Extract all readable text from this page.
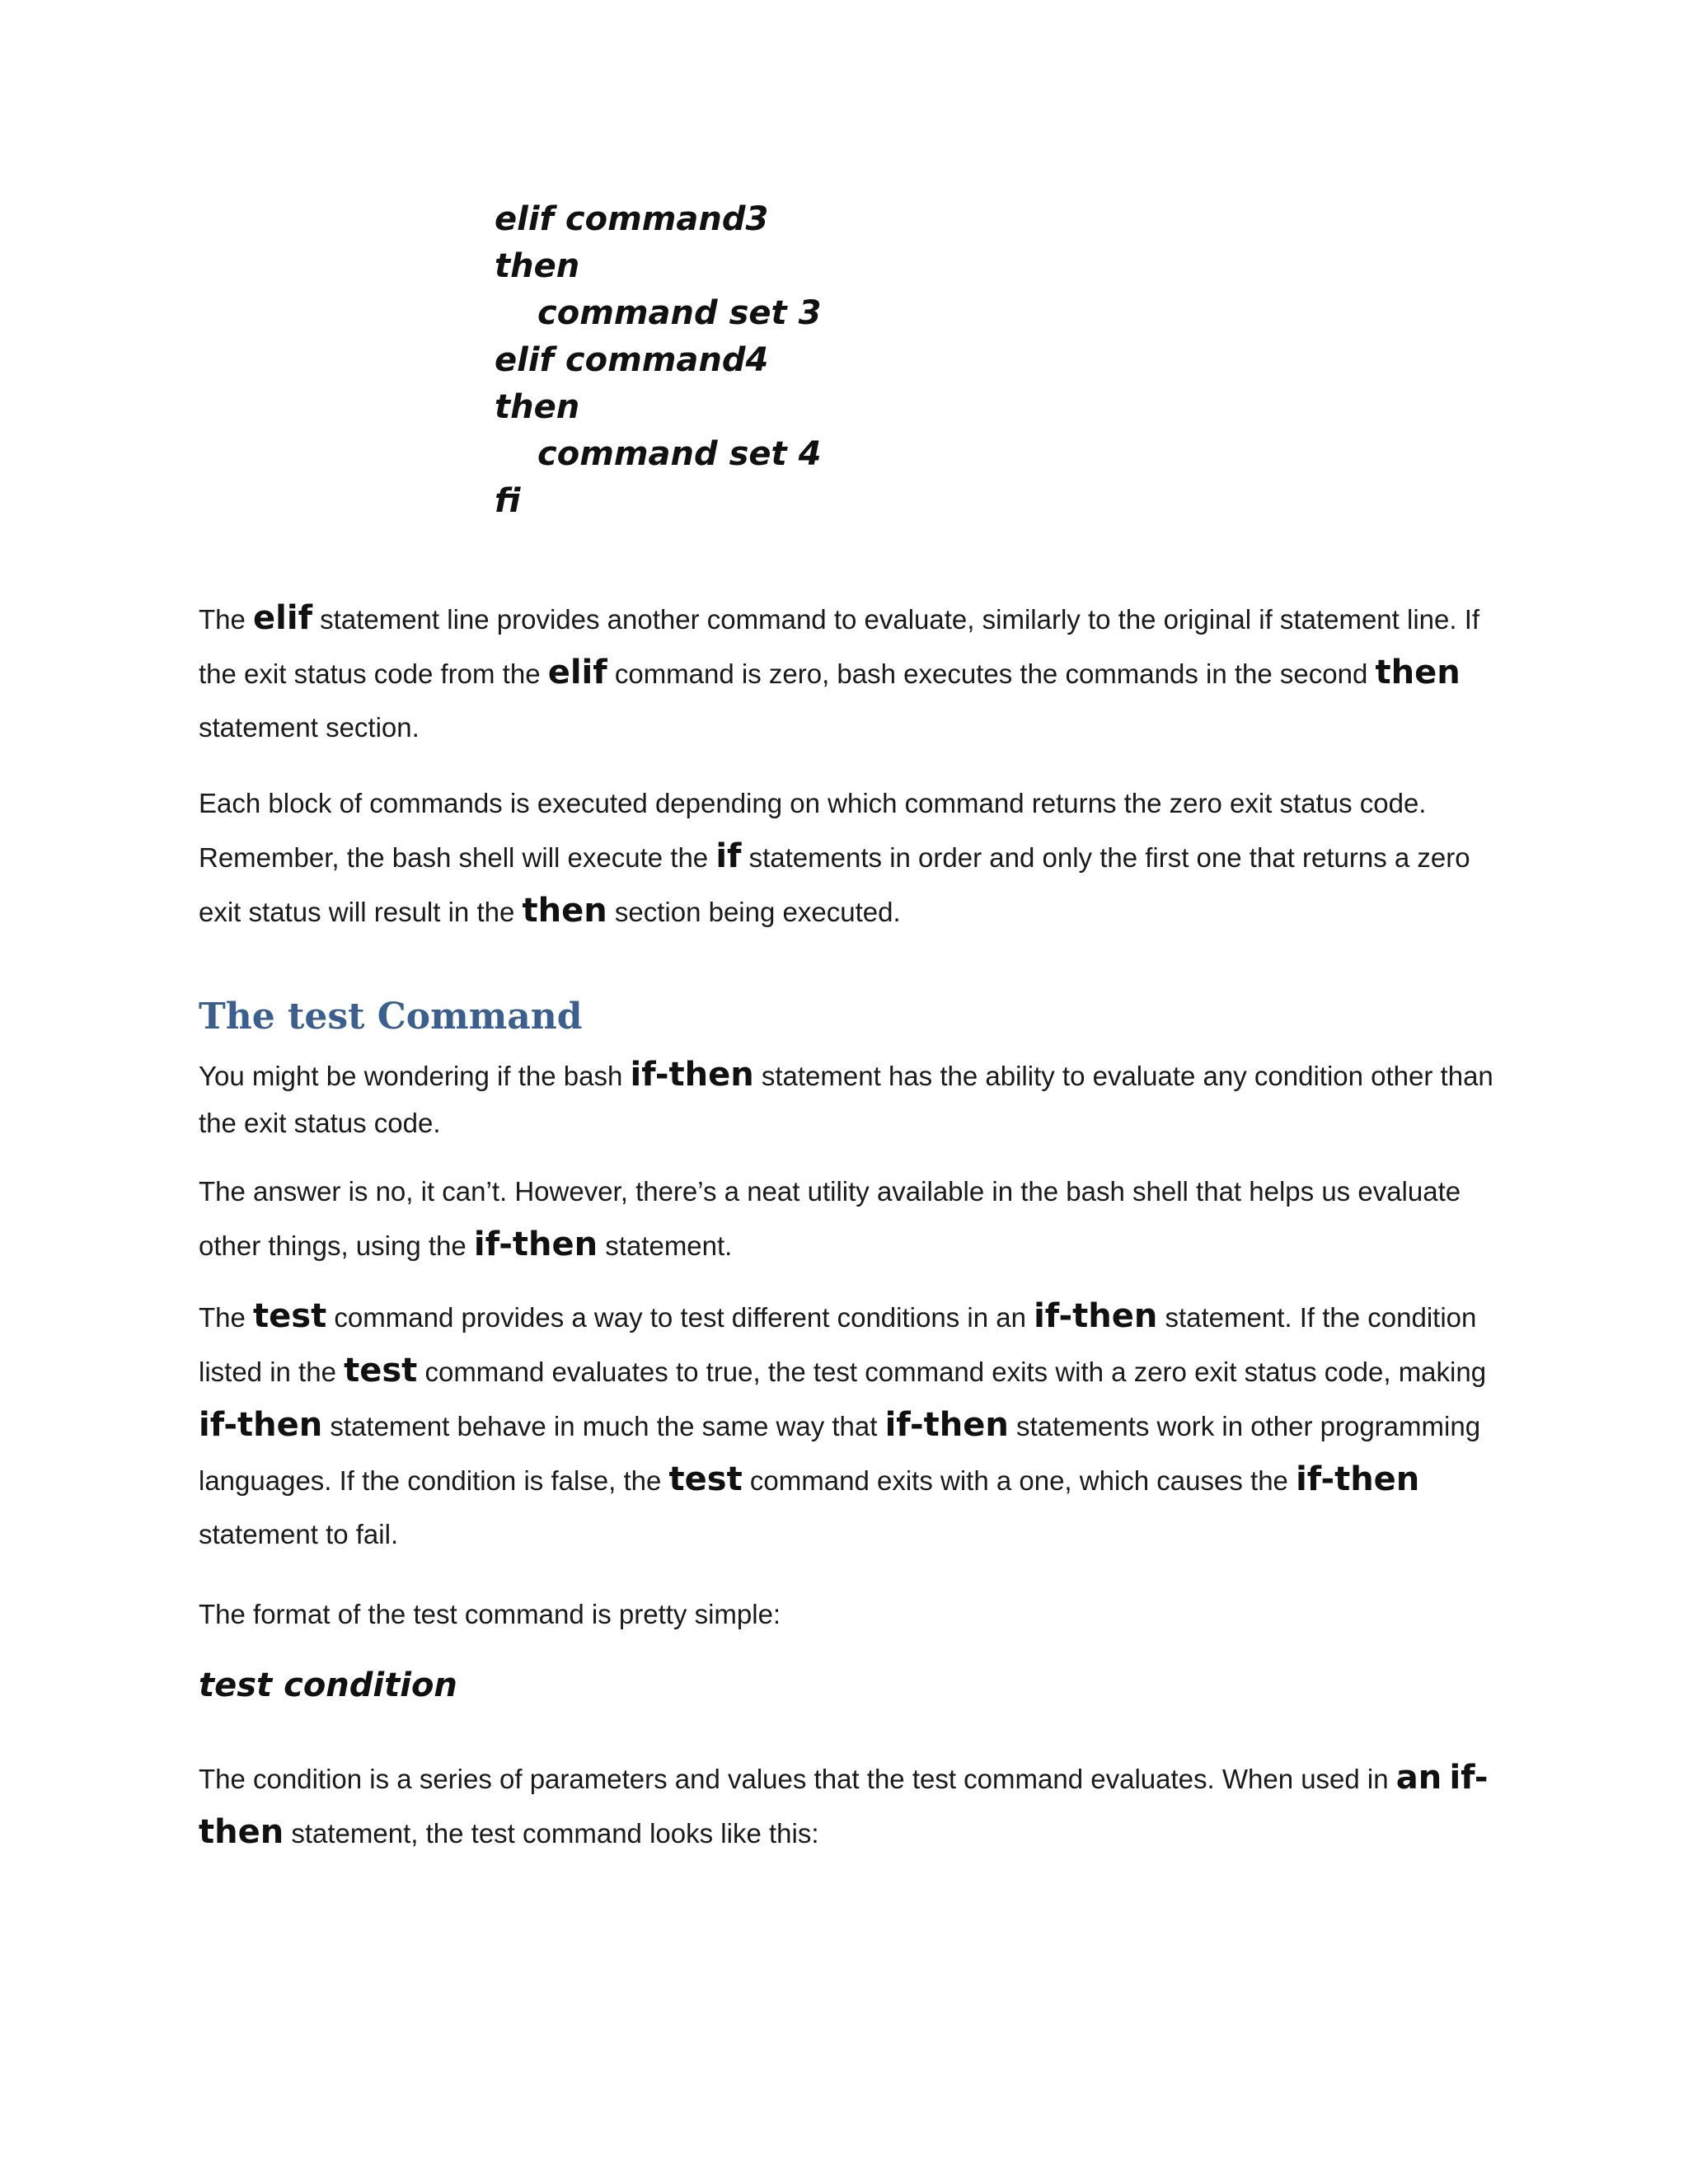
elif command3
then
command set 3
elif command4
then
command set 4
fi
The elif statement line provides another command to evaluate, similarly to the original if statement line. If the exit status code from the elif command is zero, bash executes the commands in the second then statement section.
Each block of commands is executed depending on which command returns the zero exit status code. Remember, the bash shell will execute the if statements in order and only the first one that returns a zero exit status will result in the then section being executed.
The test Command
You might be wondering if the bash if-then statement has the ability to evaluate any condition other than the exit status code.
The answer is no, it can’t. However, there’s a neat utility available in the bash shell that helps us evaluate other things, using the if-then statement.
The test command provides a way to test different conditions in an if-then statement. If the condition listed in the test command evaluates to true, the test command exits with a zero exit status code, making if-then statement behave in much the same way that if-then statements work in other programming languages. If the condition is false, the test command exits with a one, which causes the if-then statement to fail.
The format of the test command is pretty simple:
test condition
The condition is a series of parameters and values that the test command evaluates. When used in an if-then statement, the test command looks like this:
